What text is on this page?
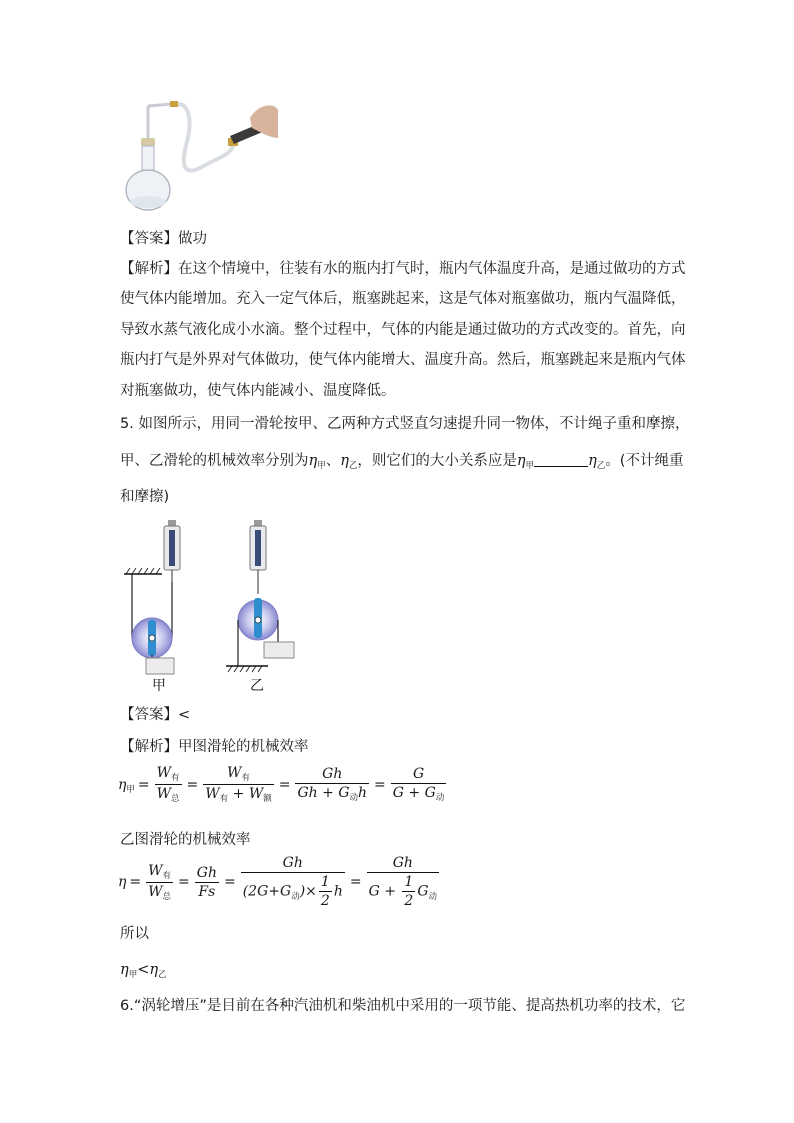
【答案】做功
【解析】在这个情境中，往装有水的瓶内打气时，瓶内气体温度升高，是通过做功的方式
使气体内能增加。充入一定气体后，瓶塞跳起来，这是气体对瓶塞做功，瓶内气温降低，
导致水蒸气液化成小水滴。整个过程中，气体的内能是通过做功的方式改变的。首先，向
瓶内打气是外界对气体做功，使气体内能增大、温度升高。然后，瓶塞跳起来是瓶内气体
对瓶塞做功，使气体内能减小、温度降低。
5. 如图所示，用同一滑轮按甲、乙两种方式竖直匀速提升同一物体，不计绳子重和摩擦，
甲、乙滑轮的机械效率分别为$\eta_甲$、$\eta_乙$，则它们的大小关系应是$\eta_甲$	$\eta_乙$。(不计绳重
和摩擦)
甲	乙
【答案】<
【解析】甲图滑轮的机械效率
$\eta_甲 = \frac{W_有}{W_总} = \frac{W_有}{W_有 + W_额} = \frac{Gh}{Gh + G_动h} = \frac{G}{G + G_动}$
乙图滑轮的机械效率
$\eta = \frac{W_有}{W_总} = \frac{Gh}{Fs} = \frac{Gh}{(2G+G_动)\times \frac{1}{2} h} = \frac{Gh}{G + \frac{1}{2} G_动}$
所以
$\eta_甲<\eta_乙$
6.“涡轮增压”是目前在各种汽油机和柴油机中采用的一项节能、提高热机功率的技术，它
